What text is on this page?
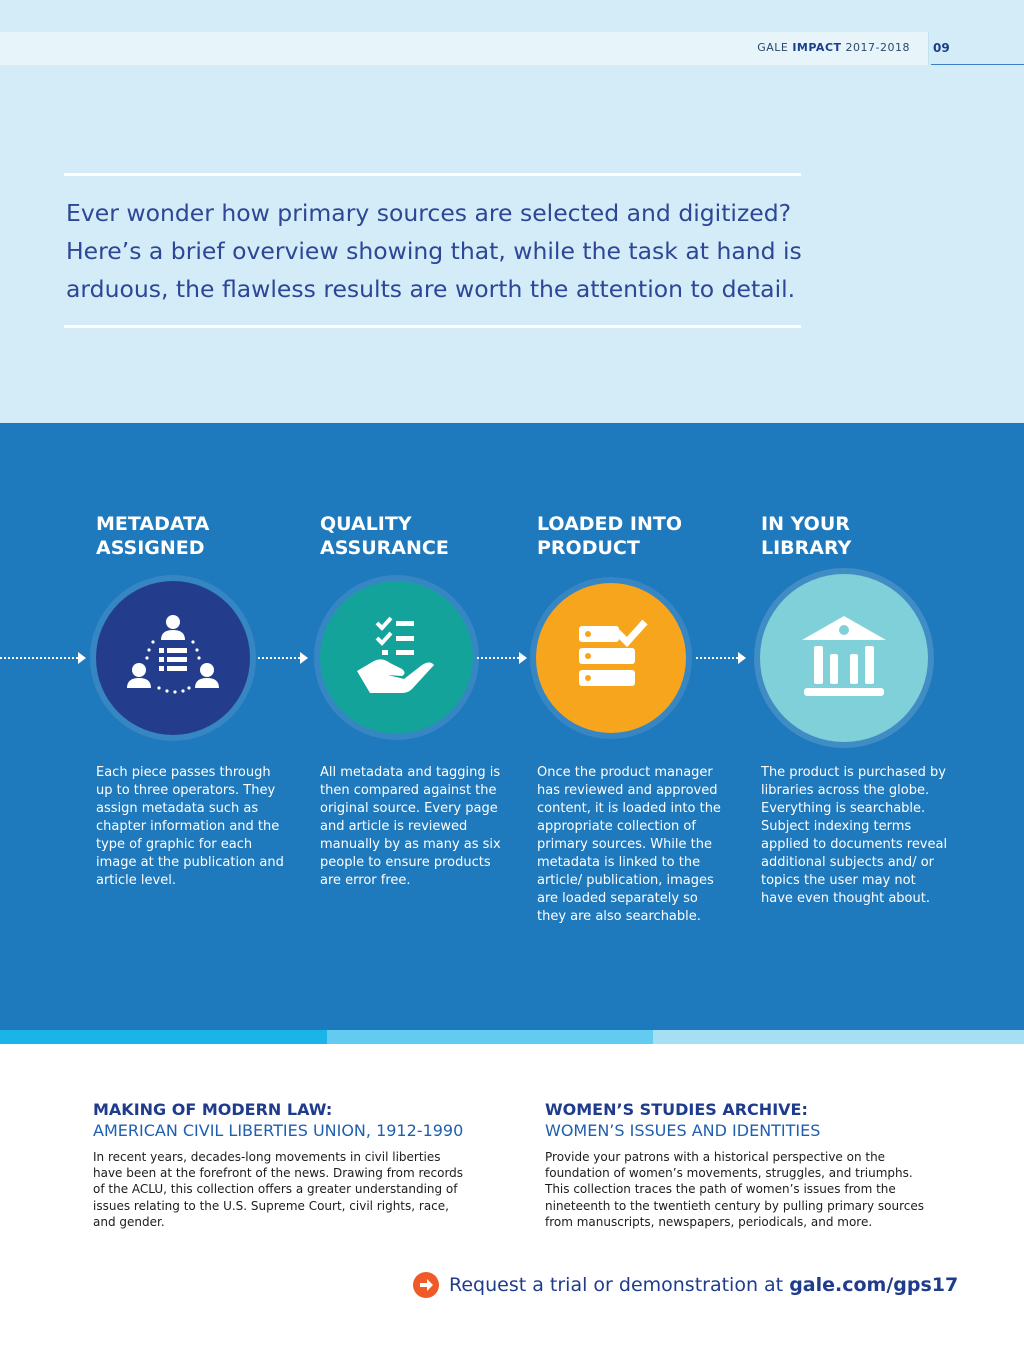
GALE IMPACT 2017-2018 09

Ever wonder how primary sources are selected and digitized? Here’s a brief overview showing that, while the task at hand is arduous, the flawless results are worth the attention to detail.

METADATA
ASSIGNED
QUALITY
ASSURANCE
LOADED INTO
PRODUCT
IN YOUR
LIBRARY

Each piece passes through up to three operators. They assign metadata such as chapter information and the type of graphic for each image at the publication and article level.

All metadata and tagging is then compared against the original source. Every page and article is reviewed manually by as many as six people to ensure products are error free.

Once the product manager has reviewed and approved content, it is loaded into the appropriate collection of primary sources. While the metadata is linked to the article/ publication, images are loaded separately so they are also searchable.

The product is purchased by libraries across the globe. Everything is searchable. Subject indexing terms applied to documents reveal additional subjects and/ or topics the user may not have even thought about.

MAKING OF MODERN LAW:
AMERICAN CIVIL LIBERTIES UNION, 1912-1990

In recent years, decades-long movements in civil liberties have been at the forefront of the news. Drawing from records of the ACLU, this collection offers a greater understanding of issues relating to the U.S. Supreme Court, civil rights, race, and gender.

WOMEN’S STUDIES ARCHIVE:
WOMEN’S ISSUES AND IDENTITIES

Provide your patrons with a historical perspective on the foundation of women’s movements, struggles, and triumphs. This collection traces the path of women’s issues from the nineteenth to the twentieth century by pulling primary sources from manuscripts, newspapers, periodicals, and more.

Request a trial or demonstration at gale.com/gps17
